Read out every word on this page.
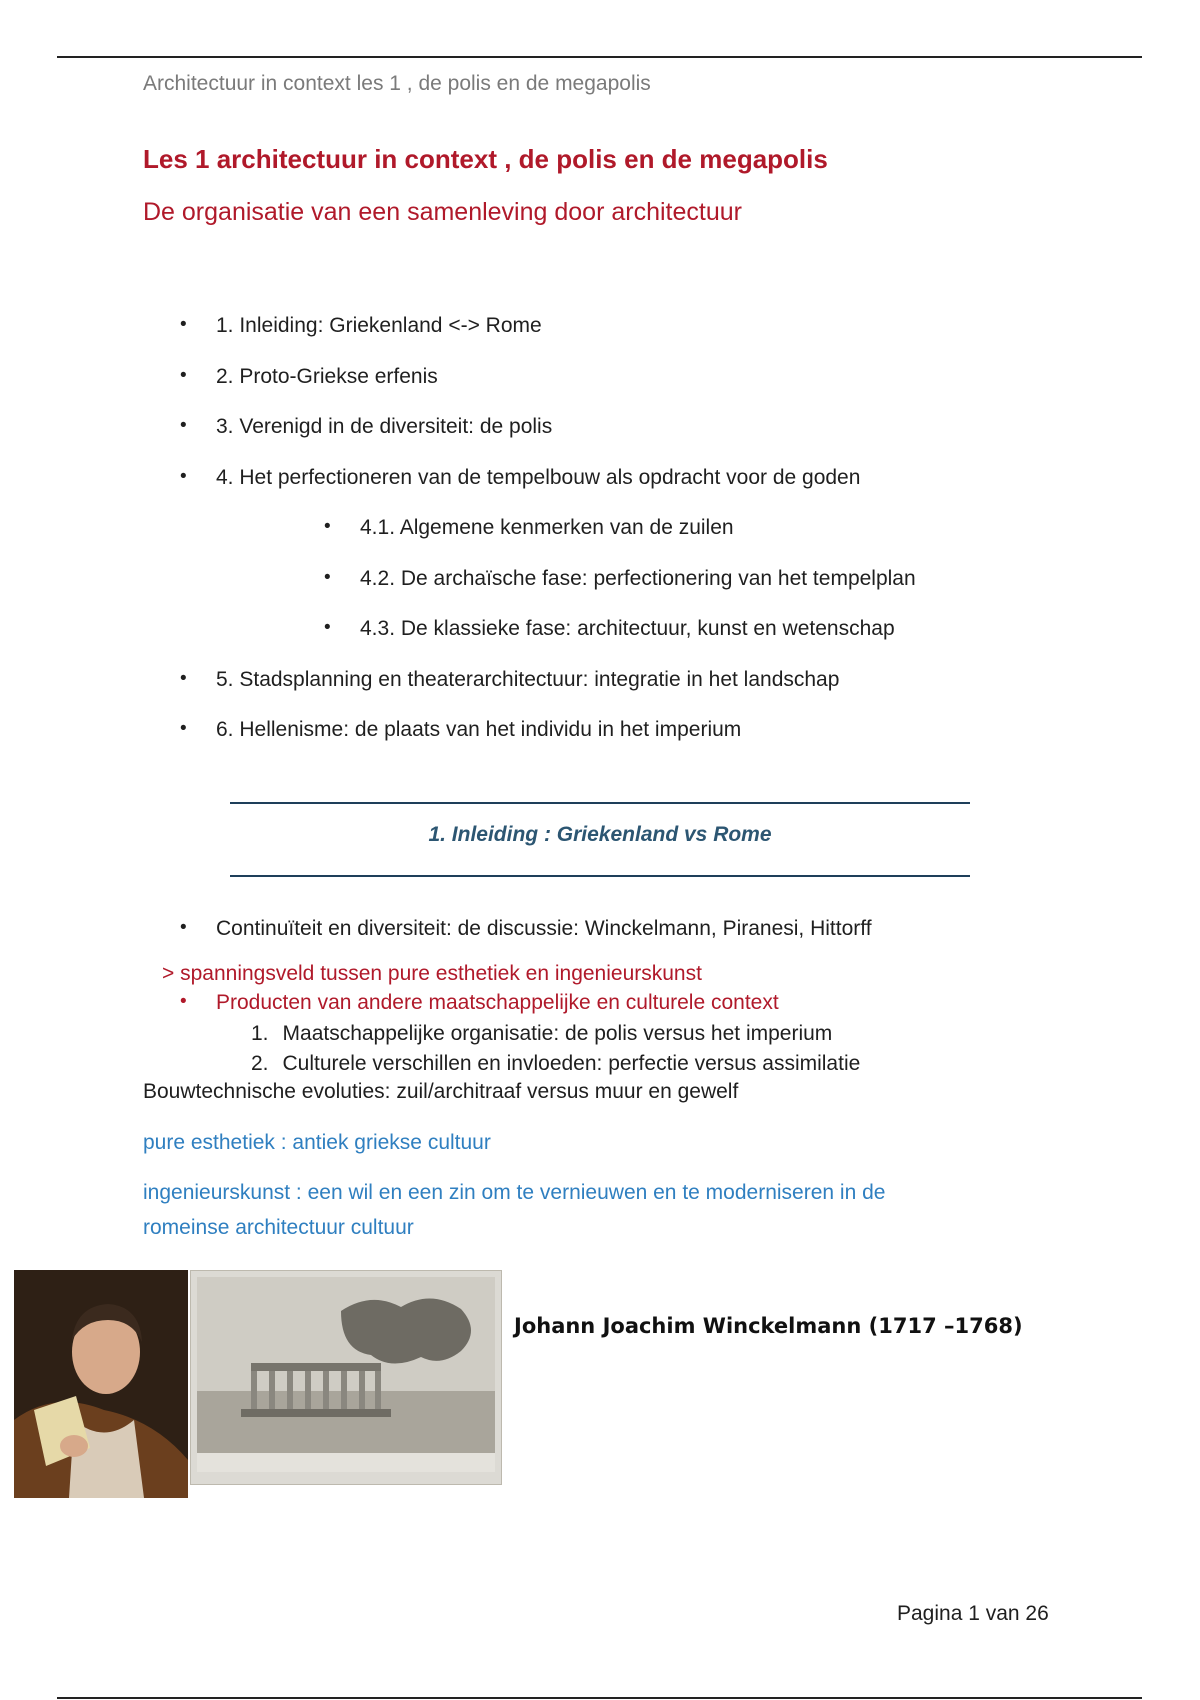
Architectuur in context les 1 , de polis en de megapolis
Les 1 architectuur in context , de polis en de megapolis
De organisatie van een samenleving door architectuur
• 1. Inleiding: Griekenland <-> Rome
• 2. Proto-Griekse erfenis
• 3. Verenigd in de diversiteit: de polis
• 4. Het perfectioneren van de tempelbouw als opdracht voor de goden
• 4.1. Algemene kenmerken van de zuilen
• 4.2. De archaïsche fase: perfectionering van het tempelplan
• 4.3. De klassieke fase: architectuur, kunst en wetenschap
• 5. Stadsplanning en theaterarchitectuur: integratie in het landschap
• 6. Hellenisme: de plaats van het individu in het imperium
1. Inleiding : Griekenland vs Rome
• Continuïteit en diversiteit: de discussie: Winckelmann, Piranesi, Hittorff
> spanningsveld tussen pure esthetiek en ingenieurskunst
• Producten van andere maatschappelijke en culturele context
1. Maatschappelijke organisatie: de polis versus het imperium
2. Culturele verschillen en invloeden: perfectie versus assimilatie
Bouwtechnische evoluties: zuil/architraaf versus muur en gewelf
pure esthetiek : antiek griekse cultuur
ingenieurskunst : een wil en een zin om te vernieuwen en te moderniseren in de
romeinse architectuur cultuur
Johann Joachim Winckelmann (1717 –1768)
Pagina 1 van 26
